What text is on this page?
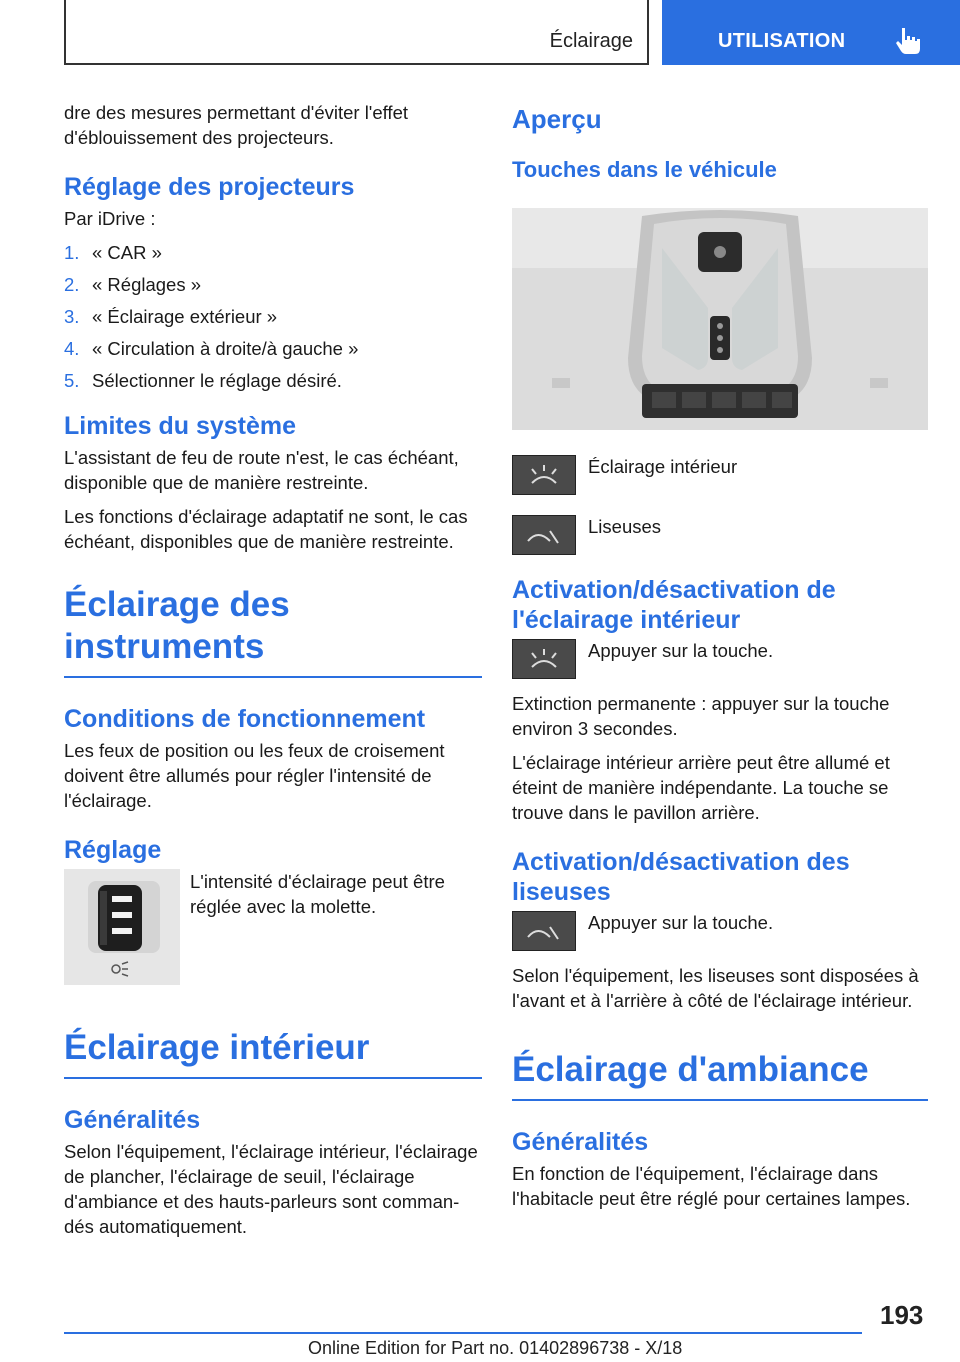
Éclairage	UTILISATION

dre des mesures permettant d'éviter l'effet d'éblouissement des projecteurs.

Réglage des projecteurs

Par iDrive :

1. « CAR »
2. « Réglages »
3. « Éclairage extérieur »
4. « Circulation à droite/à gauche »
5. Sélectionner le réglage désiré.
Limites du système

L'assistant de feu de route n'est, le cas échéant, disponible que de manière restreinte.

Les fonctions d'éclairage adaptatif ne sont, le cas échéant, disponibles que de manière restreinte.

Éclairage des instruments
Conditions de fonctionnement

Les feux de position ou les feux de croisement doivent être allumés pour régler l'intensité de l'éclairage.

Réglage
L'intensité d'éclairage peut être réglée avec la molette.
Éclairage intérieur
Généralités

Selon l'équipement, l'éclairage intérieur, l'éclairage de plancher, l'éclairage de seuil, l'éclairage d'ambiance et des hauts-parleurs sont commandés automatiquement.

Aperçu
Touches dans le véhicule
Éclairage intérieur
Liseuses
Activation/désactivation de l'éclairage intérieur
Appuyer sur la touche.

Extinction permanente : appuyer sur la touche environ 3 secondes.

L'éclairage intérieur arrière peut être allumé et éteint de manière indépendante. La touche se trouve dans le pavillon arrière.

Activation/désactivation des liseuses
Appuyer sur la touche.

Selon l'équipement, les liseuses sont disposées à l'avant et à l'arrière à côté de l'éclairage intérieur.

Éclairage d'ambiance
Généralités

En fonction de l'équipement, l'éclairage dans l'habitacle peut être réglé pour certaines lampes.

193
Online Edition for Part no. 01402896738 - X/18
